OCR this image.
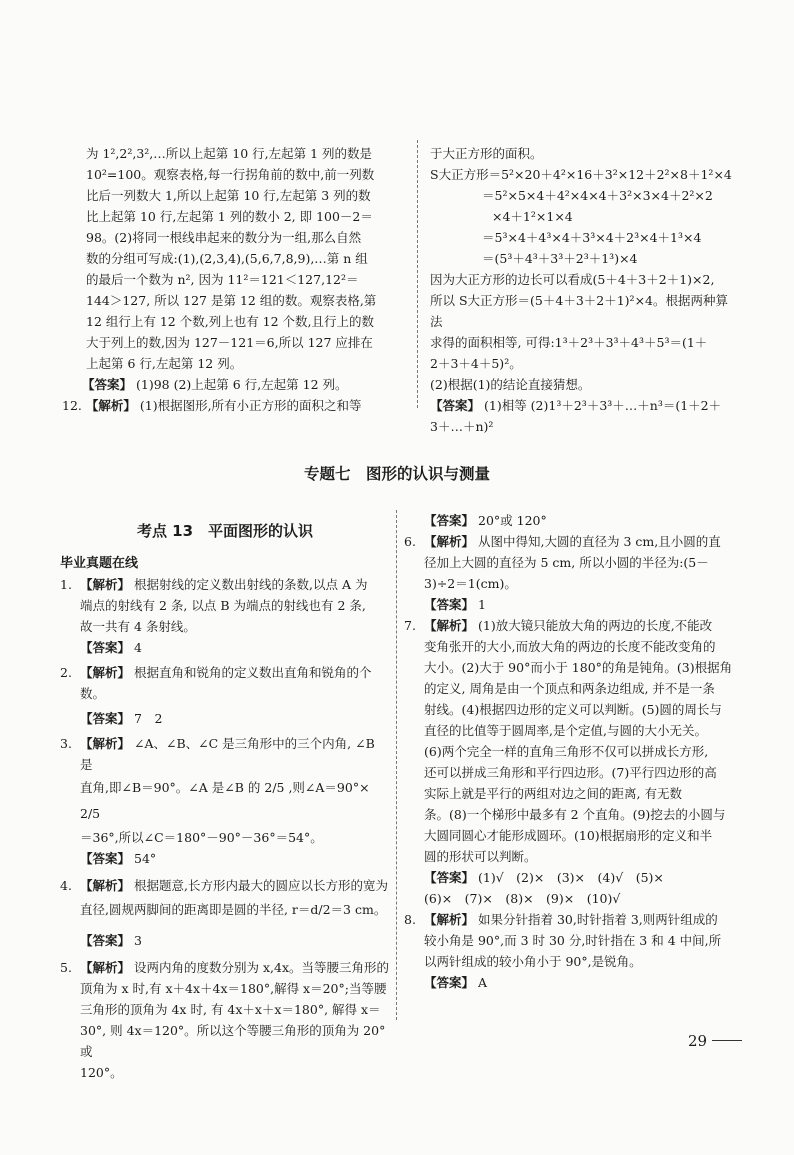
为 1²,2²,3²,…所以上起第 10 行,左起第 1 列的数是

10²=100。观察表格,每一行拐角前的数中,前一列数

比后一列数大 1,所以上起第 10 行,左起第 3 列的数

比上起第 10 行,左起第 1 列的数小 2, 即 100－2＝

98。(2)将同一根线串起来的数分为一组,那么自然

数的分组可写成:(1),(2,3,4),(5,6,7,8,9),…第 n 组

的最后一个数为 n², 因为 11²＝121＜127,12²＝

144＞127, 所以 127 是第 12 组的数。观察表格,第

12 组行上有 12 个数,列上也有 12 个数,且行上的数

大于列上的数,因为 127－121＝6,所以 127 应排在

上起第 6 行,左起第 12 列。

【答案】 (1)98 (2)上起第 6 行,左起第 12 列。

12. 【解析】 (1)根据图形,所有小正方形的面积之和等

于大正方形的面积。

S大正方形＝5²×20＋4²×16＋3²×12＋2²×8＋1²×4

＝5²×5×4＋4²×4×4＋3²×3×4＋2²×2

×4＋1²×1×4

＝5³×4＋4³×4＋3³×4＋2³×4＋1³×4

＝(5³＋4³＋3³＋2³＋1³)×4

因为大正方形的边长可以看成(5＋4＋3＋2＋1)×2,

所以 S大正方形＝(5＋4＋3＋2＋1)²×4。根据两种算法

求得的面积相等, 可得:1³＋2³＋3³＋4³＋5³＝(1＋

2＋3＋4＋5)²。

(2)根据(1)的结论直接猜想。

【答案】 (1)相等 (2)1³＋2³＋3³＋…＋n³＝(1＋2＋

3＋…＋n)²

专题七　图形的认识与测量
考点 13　平面图形的认识
毕业真题在线

1. 【解析】 根据射线的定义数出射线的条数,以点 A 为

端点的射线有 2 条, 以点 B 为端点的射线也有 2 条,

故一共有 4 条射线。

【答案】 4

2. 【解析】 根据直角和锐角的定义数出直角和锐角的个

数。

【答案】 7　2

3. 【解析】 ∠A、∠B、∠C 是三角形中的三个内角, ∠B 是

直角,即∠B＝90°。∠A 是∠B 的 2/5 ,则∠A＝90°× 2/5

＝36°,所以∠C＝180°－90°－36°＝54°。

【答案】 54°

4. 【解析】 根据题意,长方形内最大的圆应以长方形的宽为

直径,圆规两脚间的距离即是圆的半径, r＝d/2＝3 cm。

【答案】 3

5. 【解析】 设两内角的度数分别为 x,4x。当等腰三角形的

顶角为 x 时,有 x＋4x＋4x＝180°,解得 x＝20°;当等腰

三角形的顶角为 4x 时, 有 4x＋x＋x＝180°, 解得 x＝

30°, 则 4x＝120°。所以这个等腰三角形的顶角为 20°或

120°。

【答案】 20°或 120°

6. 【解析】 从图中得知,大圆的直径为 3 cm,且小圆的直

径加上大圆的直径为 5 cm, 所以小圆的半径为:(5－

3)÷2＝1(cm)。

【答案】 1

7. 【解析】 (1)放大镜只能放大角的两边的长度,不能改

变角张开的大小,而放大角的两边的长度不能改变角的

大小。(2)大于 90°而小于 180°的角是钝角。(3)根据角

的定义, 周角是由一个顶点和两条边组成, 并不是一条

射线。(4)根据四边形的定义可以判断。(5)圆的周长与

直径的比值等于圆周率,是个定值,与圆的大小无关。

(6)两个完全一样的直角三角形不仅可以拼成长方形,

还可以拼成三角形和平行四边形。(7)平行四边形的高

实际上就是平行的两组对边之间的距离, 有无数

条。(8)一个梯形中最多有 2 个直角。(9)挖去的小圆与

大圆同圆心才能形成圆环。(10)根据扇形的定义和半

圆的形状可以判断。

【答案】 (1)√　(2)×　(3)×　(4)√　(5)×

(6)×　(7)×　(8)×　(9)×　(10)√

8. 【解析】 如果分针指着 30,时针指着 3,则两针组成的

较小角是 90°,而 3 时 30 分,时针指在 3 和 4 中间,所

以两针组成的较小角小于 90°,是锐角。

【答案】 A

29
